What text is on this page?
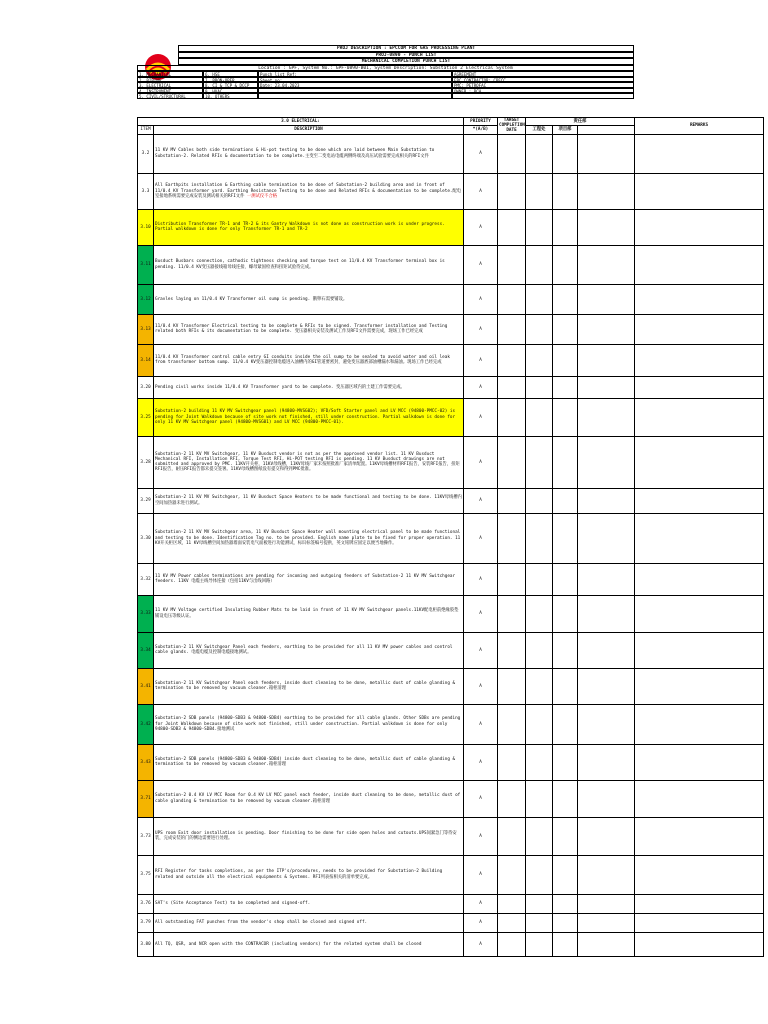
PROJ DESCRIPTION : EPCCOM FOR GAS PROCESSING PLANT
PROJ-0890 - PUNCH LIST
MECHANICAL COMPLETION PUNCH LIST
Location : GPF, System No.: GPF-0890-B01, System Description: Substation 2 Electrical System
1. MECHANICAL	6. HSE	Punch list Ref:	AGREEMENT
2. PIPING	7. PRON-OPER	Sheet no:	EPC CONTRACTOR: CPECC
3. ELECTRICAL	8. CI & TCP & DCCP	Date: 23.04.2023	PMC: PETROFAC
4. INSTRUMENT	9. HVAC	OWNER : PCH
5. CIVIL/STRUCTURAL	10. OTHERS
3.0 ELECTRICAL:		PRIORITY	TARGET COMPLETION DATE	责任部			REMARKS
ITEM	DESCRIPTION	*(A/B)		工程处	项目部		
3.2	11 KV MV Cables both side terminations & Hi-pot testing to be done which are laid between Main Substation to Substation-2. Related RFIs & documentation to be complete.主变至二变电站电缆两侧终端及高压试验需要完成相关的RFI文件	A					
3.3	All Earthpits installation & Earthing cable termination to be done of Substation-2 building area and in front of 11/0.4 KV Transformer yard. Earthing Resistance Testing to be done and Related RFIs & documentation to be complete.配电室接地系统需要完成安装及测试相关的RFI文件 一测试仪不合格	A					
3.10	Distribution Transformer TR-1 and TR-2 & its Gantry Walkdown is not done as construction work is under progress. Partial walkdown is done for only Transformer TR-1 and TR-2	A					
3.11	Busduct Busbars connection, cathodic tightness checking and torque test on 11/0.4 KV Transformer terminal box is pending. 11/0.4 KV变压器接线箱母线连接、螺母紧固检查和扭矩试验待完成。	A					
3.12	Gravles laying on 11/0.4 KV Transformer oil sump is pending. 鹅卵石需要铺设。	A					
3.13	11/0.4 KV Transformer Electrical testing to be complete & RFIs to be signed. Transformer installation and Testing related both RFIs & its documentation to be complete. 变压器相关安装及测试工作及RFI文件需要完成，现场工作已经完成	A					
3.14	11/0.4 KV Transformer control cable entry GI conduits inside the oil sump to be sealed to avoid water and oil leak from transformer bottom sump. 11/0.4 KV变压器控制电缆进入油槽内的GI管道要密封，避免变压器底部油槽漏水和漏油。现场工作已经完成	A					
3.20	Pending civil works inside 11/0.4 KV Transformer yard to be complete. 变压器区域内的土建工作需要完成。	A					
3.25	Substation-2 building 11 KV MV Switchgear panel (94800-MVSG02); VFD/Soft Starter panel and LV MCC (94800-PMCC-02) is pending for Joint Walkdown because of site work not finished, still under construction. Partial walkdown is done for only 11 KV MV Switchgear panel (94800-MVSG01) and LV MCC (94800-PMCC-01).	A					
3.28	Substation-2 11 KV MV Switchgear, 11 KV Busduct vendor is not as per the approved vendor list. 11 KV Busduct Mechanical RFI, Installation RFI, Torque Test RFI, Hi-POT testing RFI is pending. 11 KV Busduct drawings are not submitted and approved by PMC. 11KV开关柜，11KV母线槽，11KV母线厂家未按照批准厂家清单配置。11KV母线槽材料RFI报告，安装RFI报告，扭矩RFI报告，耐压RFI报告都未提交签署。11KV母线槽图纸没有提交和得到PMC批准。	A					
3.29	Substation-2 11 KV MV Switchgear, 11 KV Busduct Space Heaters to be made functional and testing to be done. 11KV母线槽内空间加热器未进行测试。	A					
3.30	Substation-2 11 KV MV Switchgear area, 11 KV Busduct Space Heater wall mounting electrical panel to be made functional and testing to be done. Identification Tag no. to be provided. English name plate to be fixed for proper operation. 11 KV开关柜区域，11 KV母线槽空间加热器墙面安装电气面板进行功能测试，标识标签编号提供，英文铭牌应固定以便当地操作。	A					
3.32	11 KV MV Power cables terminations are pending for incoming and outgoing feeders of Substation-2 11 KV MV Switchgear feeders. 11KV 电缆主线导体连接（包括11KV与出线回路）	A					
3.33	11 KV MV Voltage certified Insulating Rubber Mats to be laid in front of 11 KV MV Switchgear panels.11KV配电柜前绝缘胶垫铺设电压等级认证。	A					
3.34	Substation-2 11 KV Switchgear Panel each feeders, earthing to be provided for all 11 KV MV power cables and control cable glands. 电缆电缆及控制电缆接地测试。	A					
3.41	Substation-2 11 KV Switchgear Panel each feeders, inside dust cleaning to be done, metallic dust of cable glanding & termination to be removed by vacuum cleaner.箱柜清理	A					
3.42	Substation-2 SDB panels (94800-SDB3 & 94800-SDB4) earthing to be provided for all cable glands. Other SDBs are pending for Joint Walkdown because of site work not finished, still under construction. Partial walkdown is done for only 94800-SDB3 & 94800-SDB4.接地测试	A					
3.43	Substation-2 SDB panels (94800-SDB3 & 94800-SDB4) inside dust cleaning to be done, metallic dust of cable glanding & termination to be removed by vacuum cleaner.箱柜清理	A					
3.71	Substation-2 0.4 KV LV MCC Room for 0.4 KV LV MCC panel each feeder, inside dust cleaning to be done, metallic dust of cable glanding & termination to be removed by vacuum cleaner.箱柜清理	A					
3.73	UPS room Exit door installation is pending. Door finishing to be done for side open holes and cutouts.UPS间紧急门等待安装，完成安装的门的侧边需要进行处理。	A					
3.75	RFI Register for tasks completions, as per the ITP's/procedures, needs to be provided for Substation-2 Building related and outside all the electrical equipments & Systems. RFI列表按相关的清单要完成。	A					
3.76	SAT's (Site Acceptance Test) to be completed and signed-off.	A					
3.79	All outstanding FAT punches from the vendor's shop shall be closed and signed off.	A					
3.80	All TQ, QSR, and NCR open with the CONTRACOR (including vendors) for the related system shall be closed	A					
